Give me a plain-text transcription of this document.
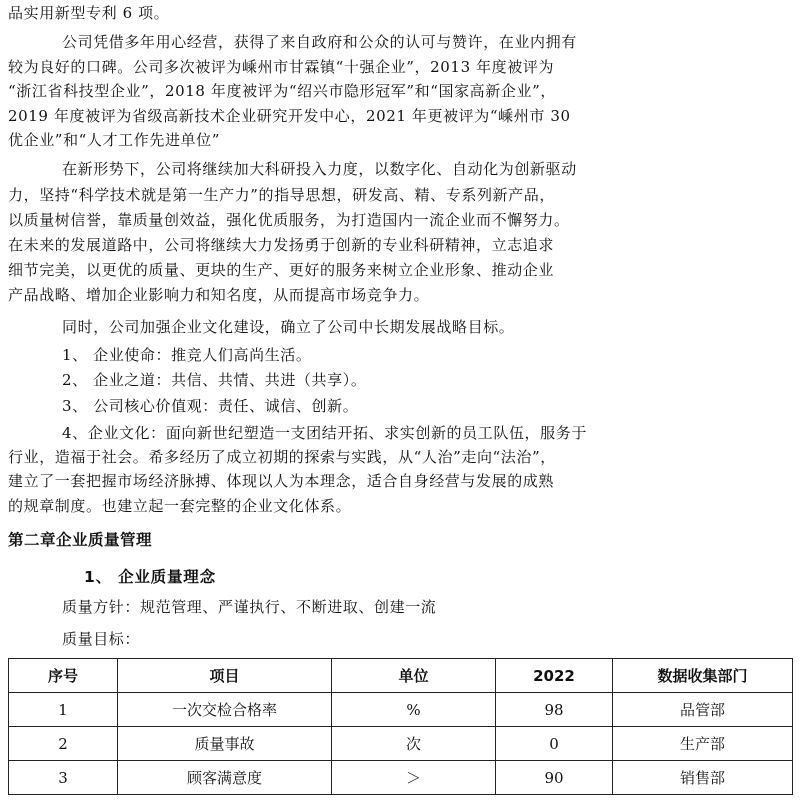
品实用新型专利 6 项。
公司凭借多年用心经营，获得了来自政府和公众的认可与赞许，在业内拥有
较为良好的口碑。公司多次被评为嵊州市甘霖镇“十强企业”，2013 年度被评为
“浙江省科技型企业”，2018 年度被评为“绍兴市隐形冠军”和“国家高新企业”，
2019 年度被评为省级高新技术企业研究开发中心，2021 年更被评为“嵊州市 30
优企业”和“人才工作先进单位”
在新形势下，公司将继续加大科研投入力度，以数字化、自动化为创新驱动
力，坚持“科学技术就是第一生产力”的指导思想，研发高、精、专系列新产品，
以质量树信誉，靠质量创效益，强化优质服务，为打造国内一流企业而不懈努力。
在未来的发展道路中，公司将继续大力发扬勇于创新的专业科研精神，立志追求
细节完美，以更优的质量、更块的生产、更好的服务来树立企业形象、推动企业
产品战略、增加企业影响力和知名度，从而提高市场竞争力。
同时，公司加强企业文化建设，确立了公司中长期发展战略目标。
1、 企业使命：推竞人们高尚生活。
2、 企业之道：共信、共情、共进（共享）。
3、 公司核心价值观：责任、诚信、创新。
4、企业文化：面向新世纪塑造一支团结开拓、求实创新的员工队伍，服务于
行业，造福于社会。希多经历了成立初期的探索与实践，从“人治”走向“法治”，
建立了一套把握市场经济脉搏、体现以人为本理念，适合自身经营与发展的成熟
的规章制度。也建立起一套完整的企业文化体系。
第二章企业质量管理
1、 企业质量理念
质量方针：规范管理、严谨执行、不断进取、创建一流
质量目标：
序号	项目	单位	2022	数据收集部门
1	一次交检合格率	%	98	品管部
2	质量事故	次	0	生产部
3	顾客满意度	＞	90	销售部
